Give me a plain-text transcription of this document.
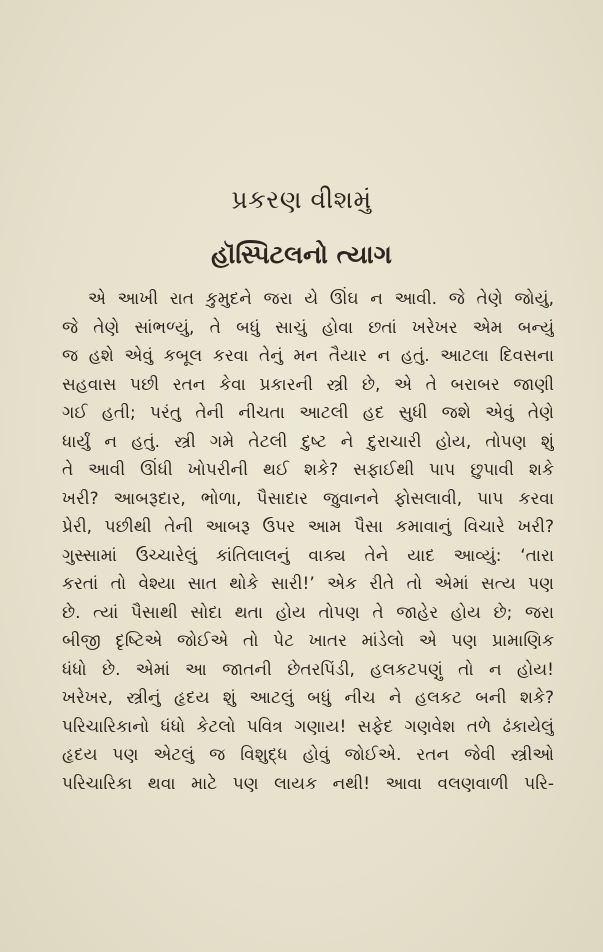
પ્રકરણ વીશમું
હૉસ્પિટલનો ત્યાગ
એ આખી રાત કુમુદને જરા યે ઊંઘ ન આવી. જે તેણે જોયું,
જે તેણે સાંભળ્યું, તે બધું સાચું હોવા છતાં ખરેખર એમ બન્યું
જ હશે એવું કબૂલ કરવા તેનું મન તૈયાર ન હતું. આટલા દિવસના
સહવાસ પછી રતન કેવા પ્રકારની સ્ત્રી છે, એ તે બરાબર જાણી
ગઈ હતી; પરંતુ તેની નીચતા આટલી હદ સુધી જશે એવું તેણે
ધાર્યું ન હતું. સ્ત્રી ગમે તેટલી દુષ્ટ ને દુરાચારી હોય, તોપણ શું
તે આવી ઊંધી ખોપરીની થઈ શકે? સફાઈથી પાપ છુપાવી શકે
ખરી? આબરૂદાર, ભોળા, પૈસાદાર જુવાનને ફોસલાવી, પાપ કરવા
પ્રેરી, પછીથી તેની આબરૂ ઉપર આમ પૈસા કમાવાનું વિચારે ખરી?
ગુસ્સામાં ઉચ્ચારેલું કાંતિલાલનું વાક્ય તેને યાદ આવ્યું: ‘તારા
કરતાં તો વેશ્યા સાત થોકે સારી!’ એક રીતે તો એમાં સત્ય પણ
છે. ત્યાં પૈસાથી સોદા થતા હોય તોપણ તે જાહેર હોય છે; જરા
બીજી દૃષ્ટિએ જોઈએ તો પેટ ખાતર માંડેલો એ પણ પ્રામાણિક
ધંધો છે. એમાં આ જાતની છેતરપિંડી, હલકટપણું તો ન હોય!
ખરેખર, સ્ત્રીનું હૃદય શું આટલું બધું નીચ ને હલકટ બની શકે?
પરિચારિકાનો ધંધો કેટલો પવિત્ર ગણાય! સફેદ ગણવેશ તળે ઢંકાયેલું
હૃદય પણ એટલું જ વિશુદ્ધ હોવું જોઈએ. રતન જેવી સ્ત્રીઓ
પરિચારિકા થવા માટે પણ લાયક નથી! આવા વલણવાળી પરિ-
